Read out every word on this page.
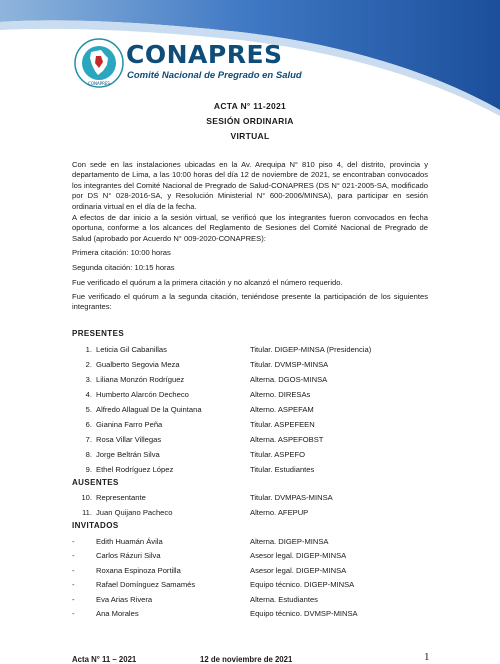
CONAPRES
CONAPRES
Comité Nacional de Pregrado en Salud
ACTA N° 11-2021
SESIÓN ORDINARIA
VIRTUAL

Con sede en las instalaciones ubicadas en la Av. Arequipa N° 810 piso 4, del distrito, provincia y departamento de Lima, a las 10:00 horas del día 12 de noviembre de 2021, se encontraban convocados los integrantes del Comité Nacional de Pregrado de Salud-CONAPRES (DS N° 021-2005-SA, modificado por DS N° 028-2016-SA, y Resolución Ministerial N° 600-2006/MINSA), para participar en sesión ordinaria virtual en el día de la fecha.

A efectos de dar inicio a la sesión virtual, se verificó que los integrantes fueron convocados en fecha oportuna, conforme a los alcances del Reglamento de Sesiones del Comité Nacional de Pregrado de Salud (aprobado por Acuerdo N° 009-2020-CONAPRES):

Primera citación: 10:00 horas

Segunda citación: 10:15 horas

Fue verificado el quórum a la primera citación y no alcanzó el número requerido.

Fue verificado el quórum a la segunda citación, teniéndose presente la participación de los siguientes integrantes:

PRESENTES
1. Leticia Gil Cabanillas	Titular. DIGEP-MINSA (Presidencia)
2. Gualberto Segovia Meza	Titular. DVMSP-MINSA
3. Liliana Monzón Rodríguez	Alterna. DGOS-MINSA
4. Humberto Alarcón Decheco	Alterno. DIRESAs
5. Alfredo Allagual De la Quintana	Alterno. ASPEFAM
6. Gianina Farro Peña	Titular. ASPEFEEN
7. Rosa Villar Villegas	Alterna. ASPEFOBST
8. Jorge Beltrán Silva	Titular. ASPEFO
9. Ethel Rodríguez López	Titular. Estudiantes
AUSENTES
10. Representante	Titular. DVMPAS-MINSA
11. Juan Quijano Pacheco	Alterno. AFEPUP
INVITADOS
-	Edith Huamán Ávila	Alterna. DIGEP-MINSA
-	Carlos Rázuri Silva	Asesor legal. DIGEP-MINSA
-	Roxana Espinoza Portilla	Asesor legal. DIGEP-MINSA
-	Rafael Domínguez Samamés	Equipo técnico. DIGEP-MINSA
-	Eva Arias Rivera	Alterna. Estudiantes
-	Ana Morales	Equipo técnico. DVMSP-MINSA
Acta N° 11 – 2021	12 de noviembre de 2021	1
